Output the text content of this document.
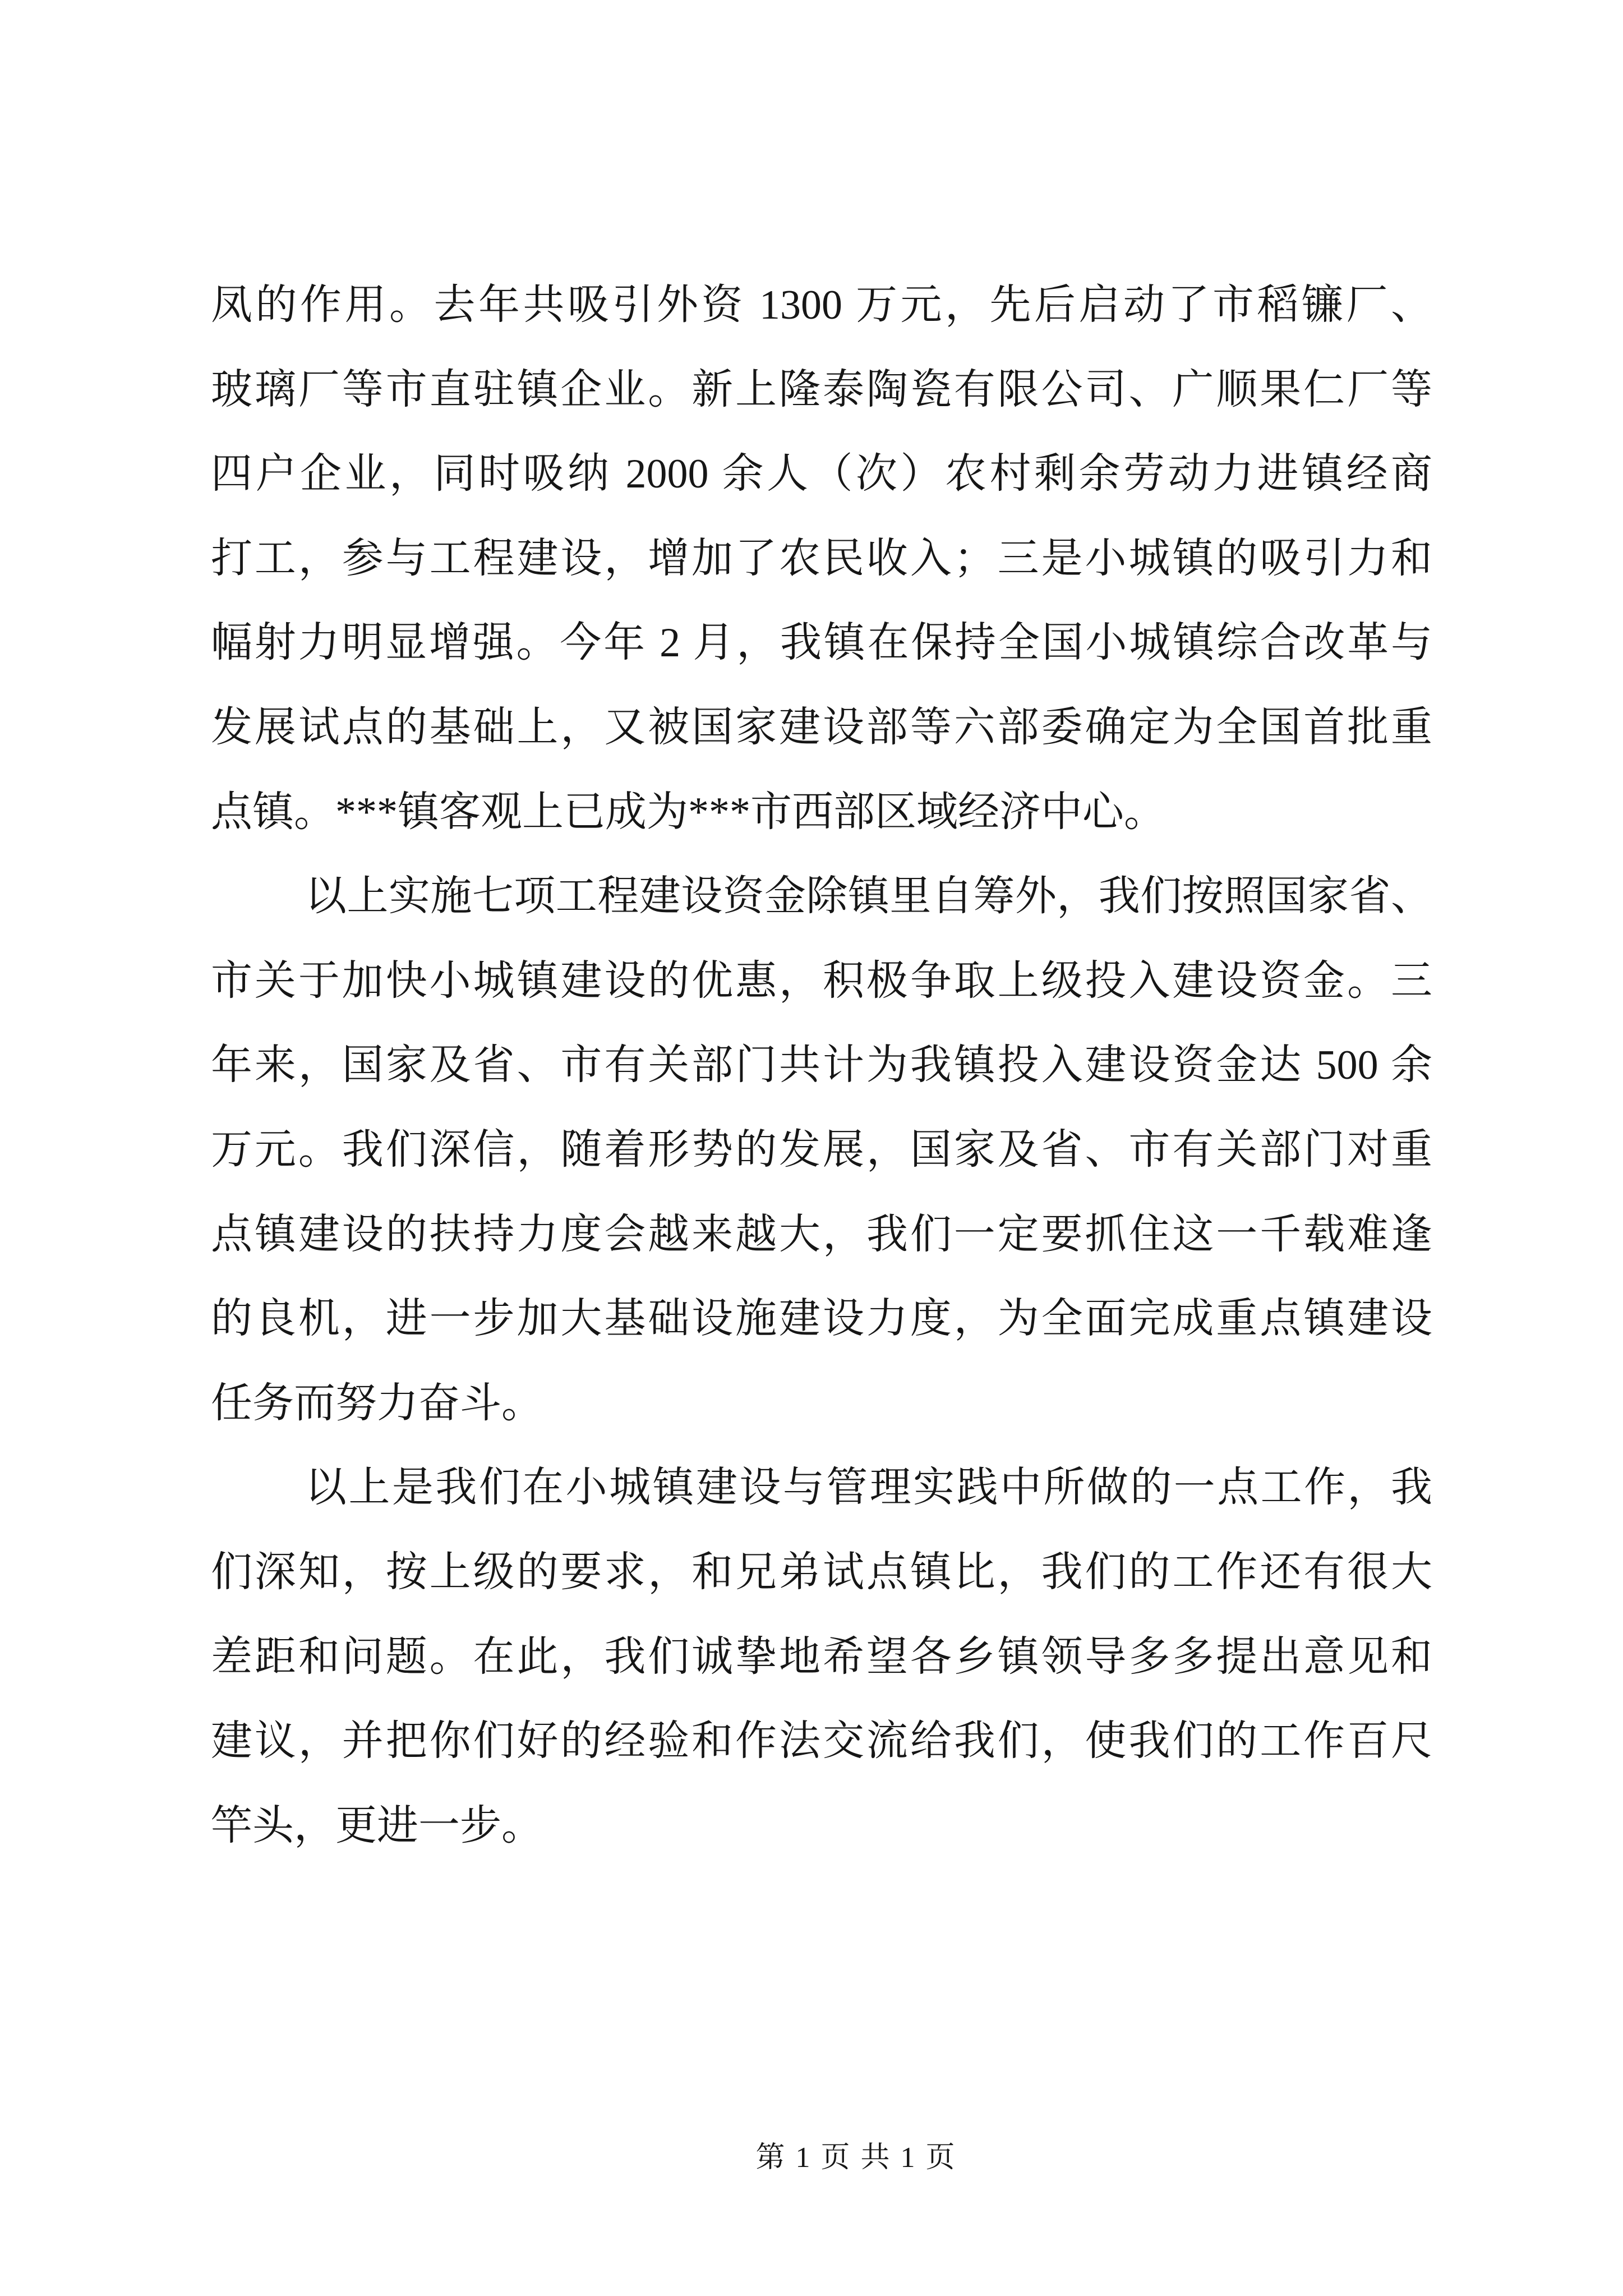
凤的作用。去年共吸引外资 1300 万元，先后启动了市稻镰厂、
玻璃厂等市直驻镇企业。新上隆泰陶瓷有限公司、广顺果仁厂等
四户企业，同时吸纳 2000 余人（次）农村剩余劳动力进镇经商
打工，参与工程建设，增加了农民收入；三是小城镇的吸引力和
幅射力明显增强。今年 2 月，我镇在保持全国小城镇综合改革与
发展试点的基础上，又被国家建设部等六部委确定为全国首批重
点镇。***镇客观上已成为***市西部区域经济中心。
以上实施七项工程建设资金除镇里自筹外，我们按照国家省、
市关于加快小城镇建设的优惠，积极争取上级投入建设资金。三
年来，国家及省、市有关部门共计为我镇投入建设资金达 500 余
万元。我们深信，随着形势的发展，国家及省、市有关部门对重
点镇建设的扶持力度会越来越大，我们一定要抓住这一千载难逢
的良机，进一步加大基础设施建设力度，为全面完成重点镇建设
任务而努力奋斗。
以上是我们在小城镇建设与管理实践中所做的一点工作，我
们深知，按上级的要求，和兄弟试点镇比，我们的工作还有很大
差距和问题。在此，我们诚挚地希望各乡镇领导多多提出意见和
建议，并把你们好的经验和作法交流给我们，使我们的工作百尺
竿头，更进一步。
第 1 页 共 1 页
